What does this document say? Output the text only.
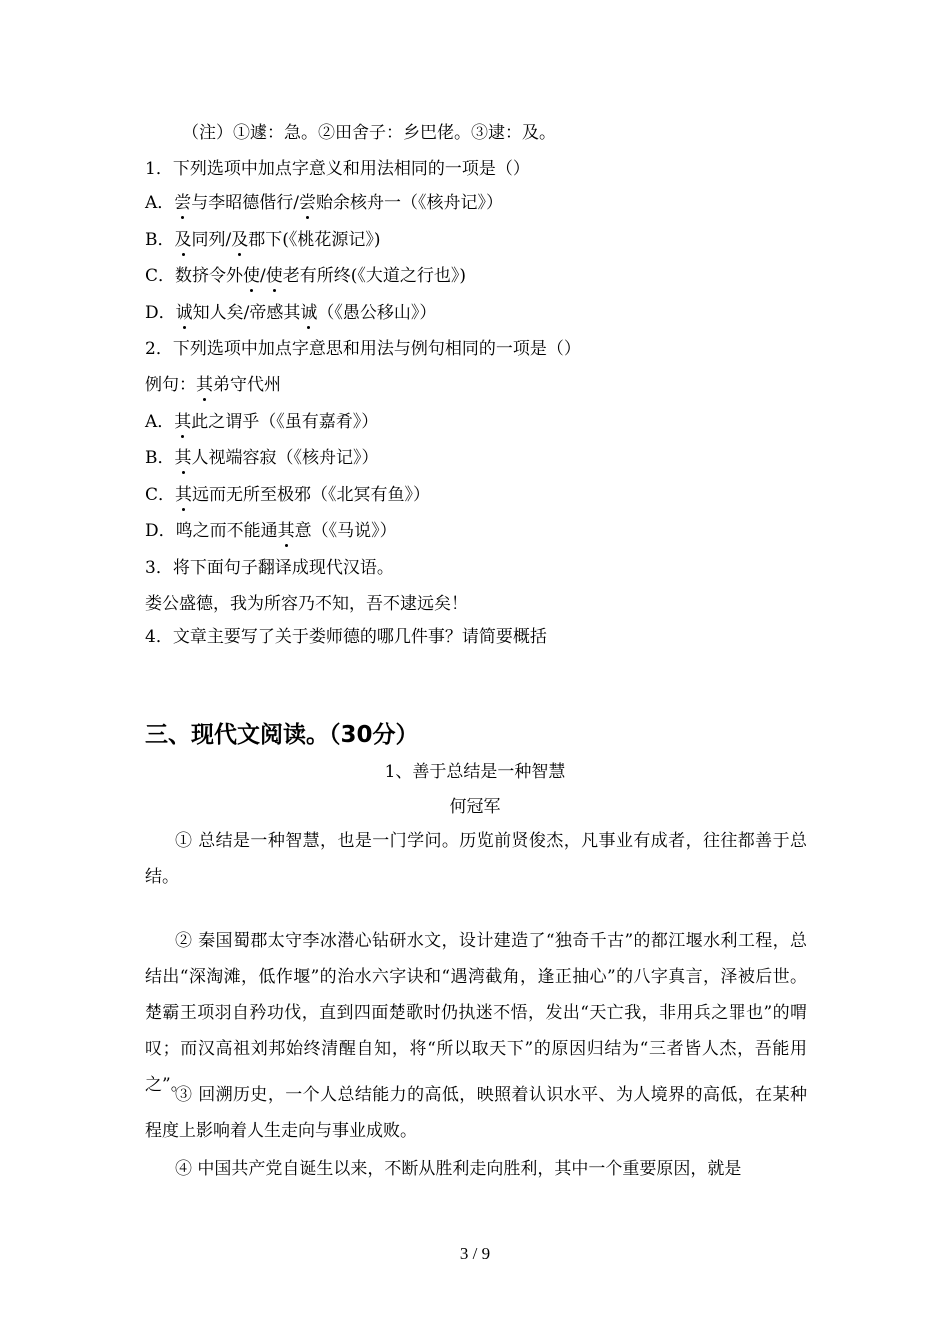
（注）①遽：急。②田舍子：乡巴佬。③逮：及。
1．下列选项中加点字意义和用法相同的一项是（）
A．尝与李昭德偕行/尝贻余核舟一（《核舟记》）
B．及同列/及郡下(《桃花源记》)
C．数挤令外使/使老有所终(《大道之行也》)
D．诚知人矣/帝感其诚（《愚公移山》）
2．下列选项中加点字意思和用法与例句相同的一项是（）
例句：其弟守代州
A．其此之谓乎（《虽有嘉肴》）
B．其人视端容寂（《核舟记》）
C．其远而无所至极邪（《北冥有鱼》）
D．鸣之而不能通其意（《马说》）
3．将下面句子翻译成现代汉语。
娄公盛德，我为所容乃不知，吾不逮远矣！
4．文章主要写了关于娄师德的哪几件事？请简要概括
三、现代文阅读。（30分）
1、善于总结是一种智慧
何冠军
① 总结是一种智慧，也是一门学问。历览前贤俊杰，凡事业有成者，往往都善于总结。
② 秦国蜀郡太守李冰潜心钻研水文，设计建造了“独奇千古”的都江堰水利工程，总结出“深淘滩，低作堰”的治水六字诀和“遇湾截角，逢正抽心”的八字真言，泽被后世。楚霸王项羽自矜功伐，直到四面楚歌时仍执迷不悟，发出“天亡我，非用兵之罪也”的喟叹；而汉高祖刘邦始终清醒自知，将“所以取天下”的原因归结为“三者皆人杰，吾能用之”。
③ 回溯历史，一个人总结能力的高低，映照着认识水平、为人境界的高低，在某种程度上影响着人生走向与事业成败。
④ 中国共产党自诞生以来，不断从胜利走向胜利，其中一个重要原因，就是
3 / 9
